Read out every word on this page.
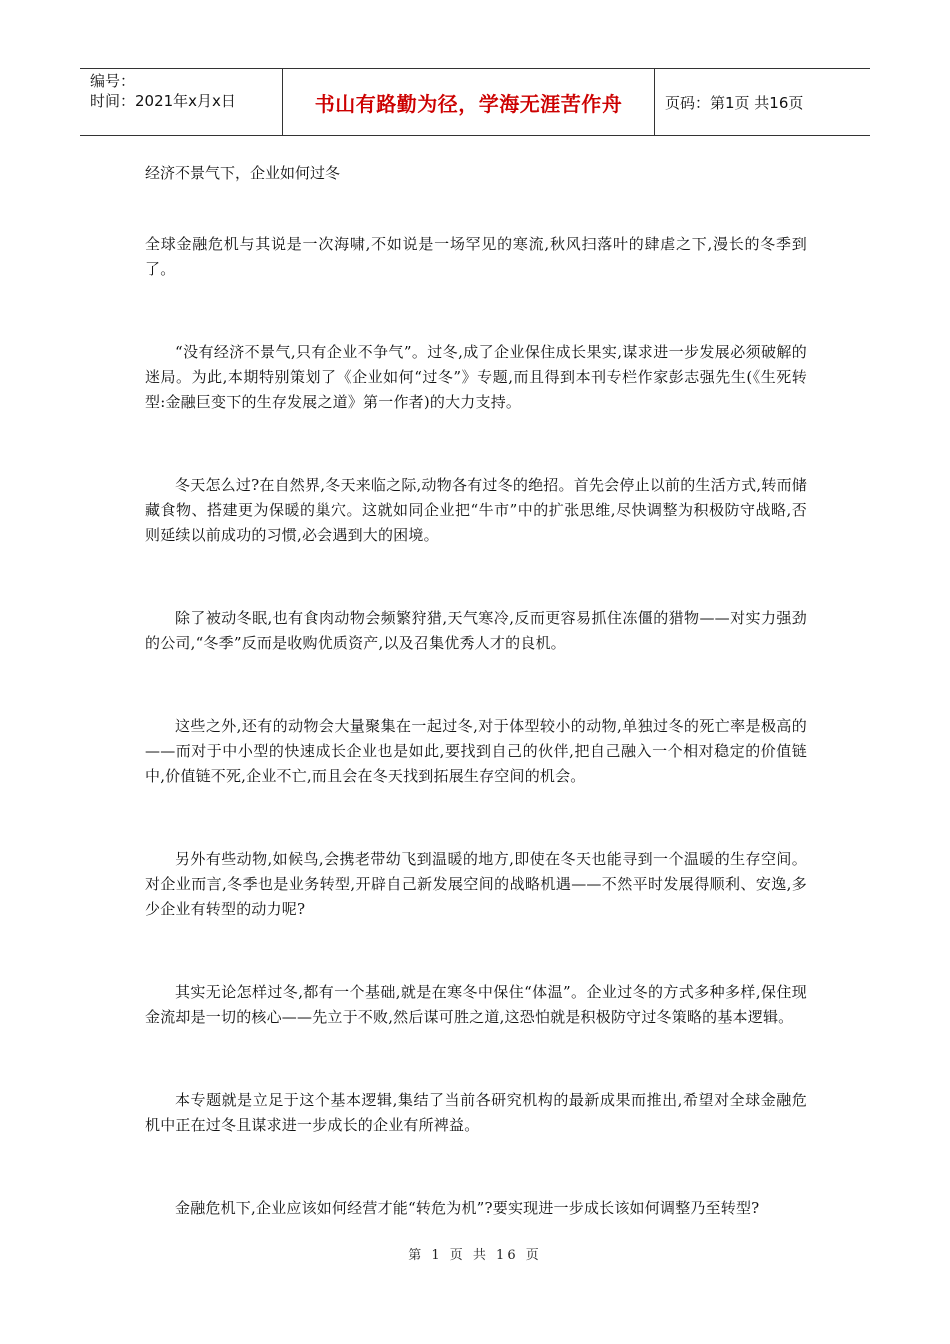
编号：
时间：2021年x月x日	书山有路勤为径，学海无涯苦作舟	页码：第1页 共16页
经济不景气下，企业如何过冬

全球金融危机与其说是一次海啸,不如说是一场罕见的寒流,秋风扫落叶的肆虐之下,漫长的冬季到了。

“没有经济不景气,只有企业不争气”。过冬,成了企业保住成长果实,谋求进一步发展必须破解的迷局。为此,本期特别策划了《企业如何“过冬”》专题,而且得到本刊专栏作家彭志强先生(《生死转型:金融巨变下的生存发展之道》第一作者)的大力支持。

冬天怎么过?在自然界,冬天来临之际,动物各有过冬的绝招。首先会停止以前的生活方式,转而储藏食物、搭建更为保暖的巢穴。这就如同企业把“牛市”中的扩张思维,尽快调整为积极防守战略,否则延续以前成功的习惯,必会遇到大的困境。

除了被动冬眠,也有食肉动物会频繁狩猎,天气寒冷,反而更容易抓住冻僵的猎物——对实力强劲的公司,“冬季”反而是收购优质资产,以及召集优秀人才的良机。

这些之外,还有的动物会大量聚集在一起过冬,对于体型较小的动物,单独过冬的死亡率是极高的——而对于中小型的快速成长企业也是如此,要找到自己的伙伴,把自己融入一个相对稳定的价值链中,价值链不死,企业不亡,而且会在冬天找到拓展生存空间的机会。

另外有些动物,如候鸟,会携老带幼飞到温暖的地方,即使在冬天也能寻到一个温暖的生存空间。对企业而言,冬季也是业务转型,开辟自己新发展空间的战略机遇——不然平时发展得顺利、安逸,多少企业有转型的动力呢?

其实无论怎样过冬,都有一个基础,就是在寒冬中保住“体温”。企业过冬的方式多种多样,保住现金流却是一切的核心——先立于不败,然后谋可胜之道,这恐怕就是积极防守过冬策略的基本逻辑。

本专题就是立足于这个基本逻辑,集结了当前各研究机构的最新成果而推出,希望对全球金融危机中正在过冬且谋求进一步成长的企业有所裨益。

金融危机下,企业应该如何经营才能“转危为机”?要实现进一步成长该如何调整乃至转型?

第 1 页 共 16 页
